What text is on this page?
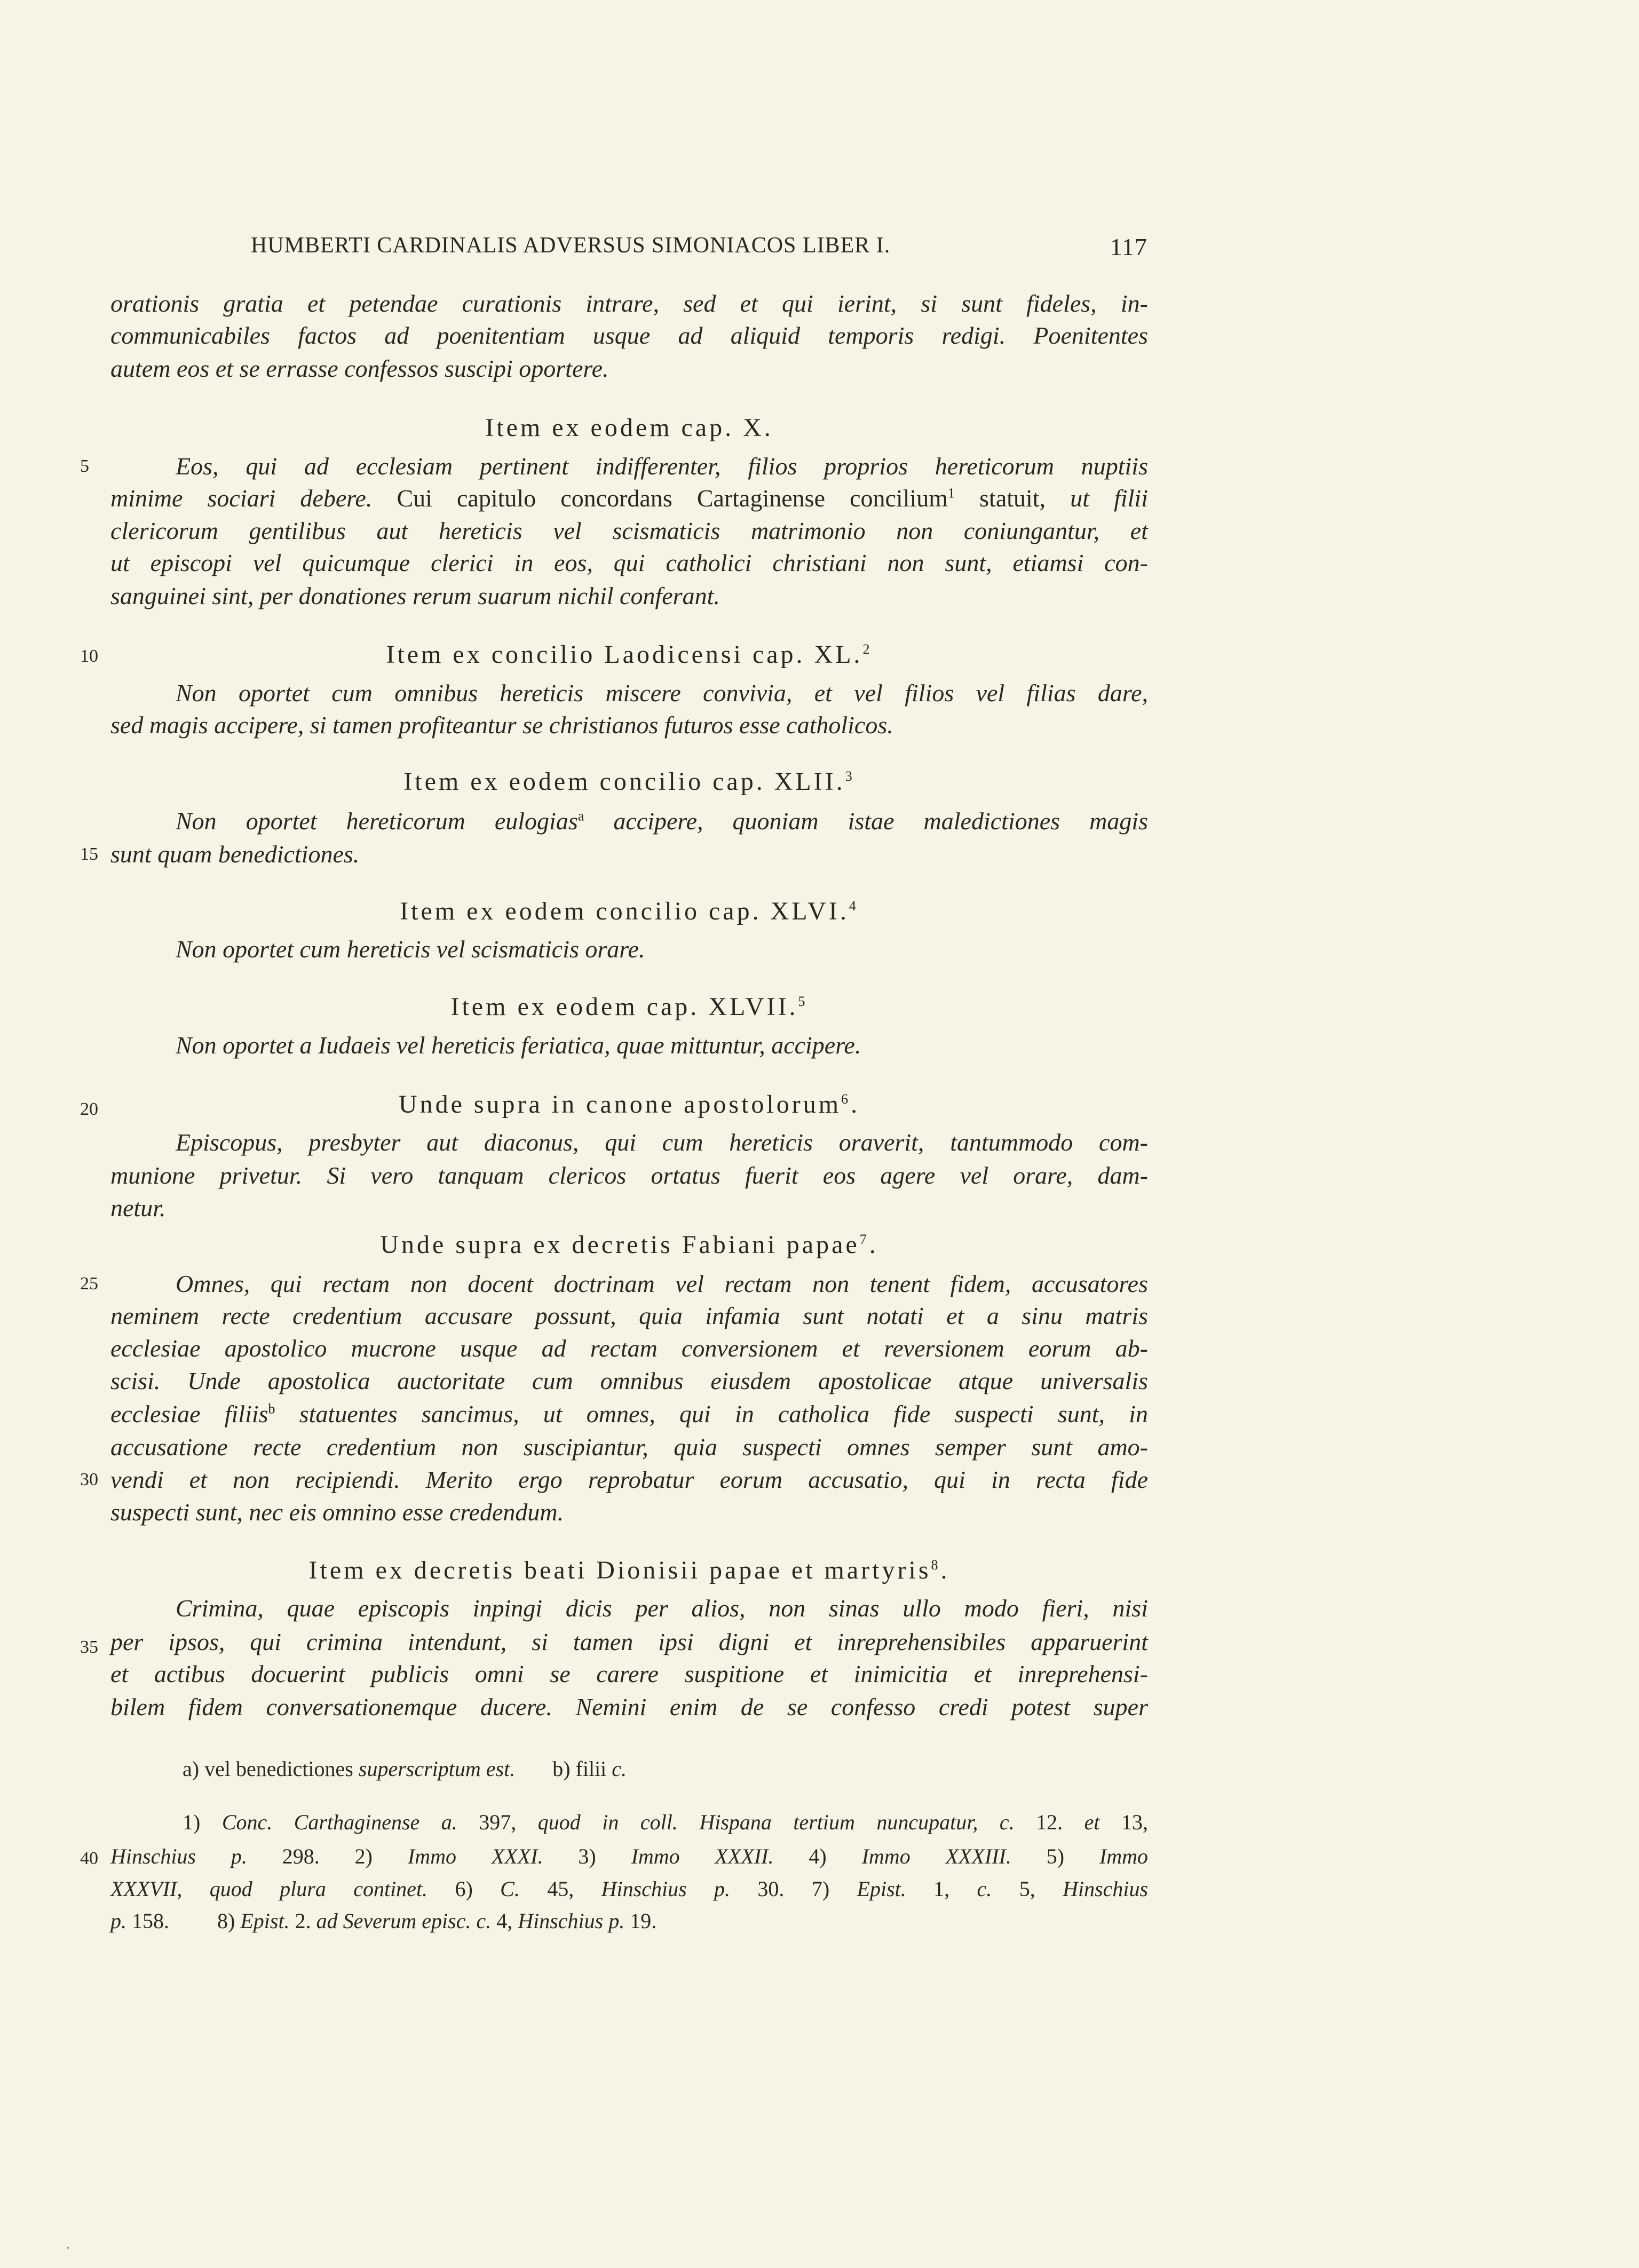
HUMBERTI CARDINALIS ADVERSUS SIMONIACOS LIBER I.	117
5
10
15
20
25
30
35
40
orationis gratia et petendae curationis intrare, sed et qui ierint, si sunt fideles, in-
communicabiles factos ad poenitentiam usque ad aliquid temporis redigi. Poenitentes
autem eos et se errasse confessos suscipi oportere.
Item ex eodem cap. X.
Eos, qui ad ecclesiam pertinent indifferenter, filios proprios hereticorum nuptiis
minime sociari debere. Cui capitulo concordans Cartaginense concilium$^1$ statuit, ut filii
clericorum gentilibus aut hereticis vel scismaticis matrimonio non coniungantur, et
ut episcopi vel quicumque clerici in eos, qui catholici christiani non sunt, etiamsi con-
sanguinei sint, per donationes rerum suarum nichil conferant.
Item ex concilio Laodicensi cap. XL.$^2$
Non oportet cum omnibus hereticis miscere convivia, et vel filios vel filias dare,
sed magis accipere, si tamen profiteantur se christianos futuros esse catholicos.
Item ex eodem concilio cap. XLII.$^3$
Non oportet hereticorum eulogias$^a$ accipere, quoniam istae maledictiones magis
sunt quam benedictiones.
Item ex eodem concilio cap. XLVI.$^4$
Non oportet cum hereticis vel scismaticis orare.
Item ex eodem cap. XLVII.$^5$
Non oportet a Iudaeis vel hereticis feriatica, quae mittuntur, accipere.
Unde supra in canone apostolorum$^6$.
Episcopus, presbyter aut diaconus, qui cum hereticis oraverit, tantummodo com-
munione privetur. Si vero tanquam clericos ortatus fuerit eos agere vel orare, dam-
netur.
Unde supra ex decretis Fabiani papae$^7$.
Omnes, qui rectam non docent doctrinam vel rectam non tenent fidem, accusatores
neminem recte credentium accusare possunt, quia infamia sunt notati et a sinu matris
ecclesiae apostolico mucrone usque ad rectam conversionem et reversionem eorum ab-
scisi. Unde apostolica auctoritate cum omnibus eiusdem apostolicae atque universalis
ecclesiae filiis$^b$ statuentes sancimus, ut omnes, qui in catholica fide suspecti sunt, in
accusatione recte credentium non suscipiantur, quia suspecti omnes semper sunt amo-
vendi et non recipiendi. Merito ergo reprobatur eorum accusatio, qui in recta fide
suspecti sunt, nec eis omnino esse credendum.
Item ex decretis beati Dionisii papae et martyris$^8$.
Crimina, quae episcopis inpingi dicis per alios, non sinas ullo modo fieri, nisi
per ipsos, qui crimina intendunt, si tamen ipsi digni et inreprehensibiles apparuerint
et actibus docuerint publicis omni se carere suspitione et inimicitia et inreprehensi-
bilem fidem conversationemque ducere. Nemini enim de se confesso credi potest super
a) vel benedictiones superscriptum est. b) filii c.
1) Conc. Carthaginense a. 397, quod in coll. Hispana tertium nuncupatur, c. 12. et 13,
Hinschius p. 298. 2) Immo XXXI. 3) Immo XXXII. 4) Immo XXXIII. 5) Immo
XXXVII, quod plura continet. 6) C. 45, Hinschius p. 30. 7) Epist. 1, c. 5, Hinschius
p. 158. 8) Epist. 2. ad Severum episc. c. 4, Hinschius p. 19.
